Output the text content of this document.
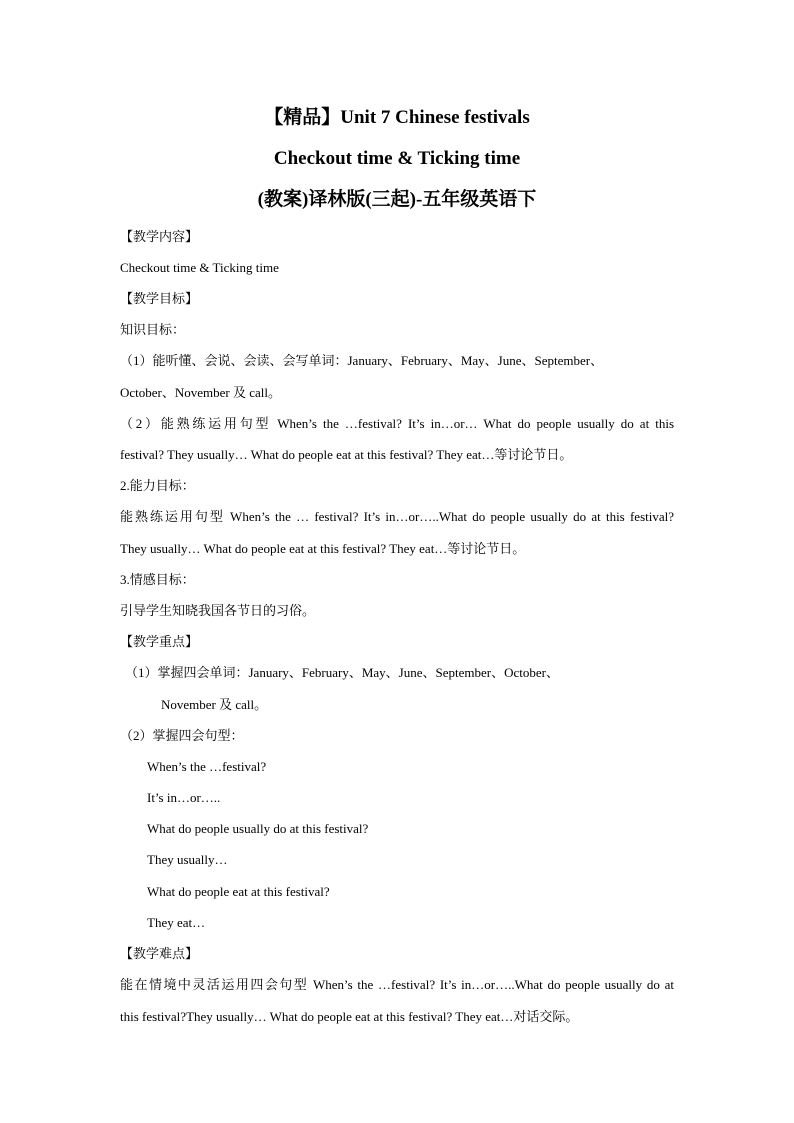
【精品】Unit 7 Chinese festivals
Checkout time & Ticking time
(教案)译林版(三起)-五年级英语下
【教学内容】
Checkout time & Ticking time
【教学目标】
知识目标：
（1）能听懂、会说、会读、会写单词：January、February、May、June、September、
October、November 及 call。
（2）能熟练运用句型 When’s the …festival? It’s in…or… What do people usually do at this
festival? They usually… What do people eat at this festival? They eat…等讨论节日。
2.能力目标：
能熟练运用句型 When’s the … festival? It’s in…or…..What do people usually do at this festival?
They usually… What do people eat at this festival? They eat…等讨论节日。
3.情感目标：
引导学生知晓我国各节日的习俗。
【教学重点】
（1）掌握四会单词：January、February、May、June、September、October、
November 及 call。
（2）掌握四会句型：
When’s the …festival?
It’s in…or…..
What do people usually do at this festival?
They usually…
What do people eat at this festival?
They eat…
【教学难点】
能在情境中灵活运用四会句型 When’s the …festival? It’s in…or…..What do people usually do at
this festival?They usually… What do people eat at this festival? They eat…对话交际。
